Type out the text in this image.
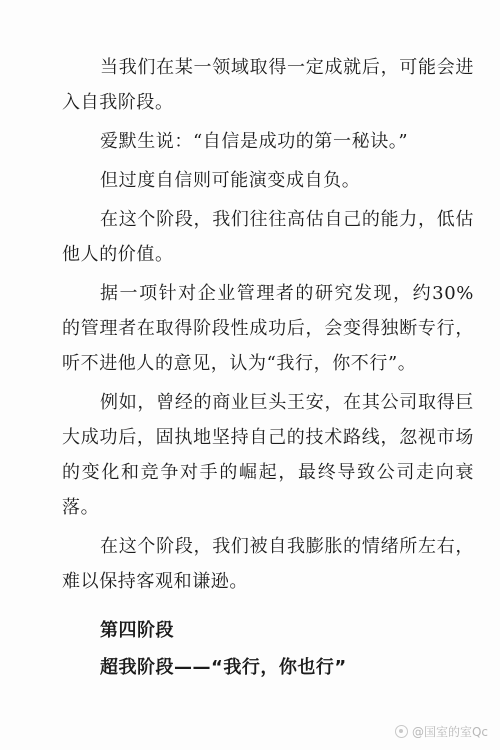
当我们在某一领域取得一定成就后，可能会进入自我阶段。

爱默生说：“自信是成功的第一秘诀。”

但过度自信则可能演变成自负。

在这个阶段，我们往往高估自己的能力，低估他人的价值。

据一项针对企业管理者的研究发现，约30%的管理者在取得阶段性成功后，会变得独断专行，听不进他人的意见，认为“我行，你不行”。

例如，曾经的商业巨头王安，在其公司取得巨大成功后，固执地坚持自己的技术路线，忽视市场的变化和竞争对手的崛起，最终导致公司走向衰落。

在这个阶段，我们被自我膨胀的情绪所左右，难以保持客观和谦逊。

第四阶段
超我阶段——“我行，你也行”
@国室的室Qc
